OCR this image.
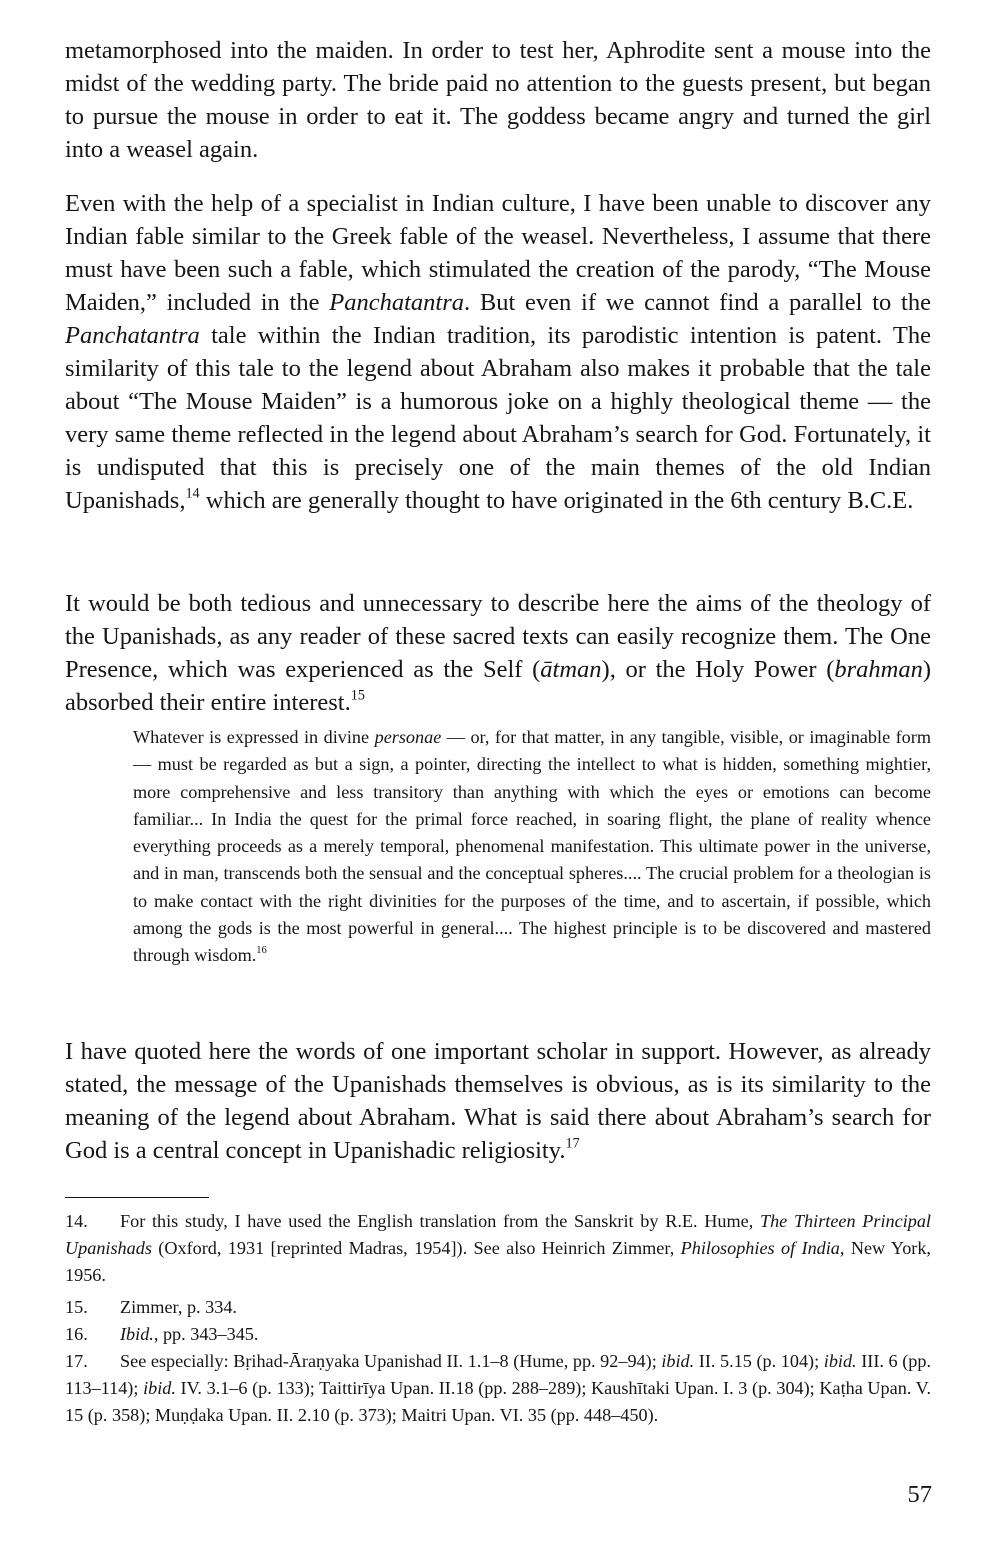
metamorphosed into the maiden. In order to test her, Aphrodite sent a mouse into the midst of the wedding party. The bride paid no attention to the guests present, but began to pursue the mouse in order to eat it. The goddess became angry and turned the girl into a weasel again.

Even with the help of a specialist in Indian culture, I have been unable to discover any Indian fable similar to the Greek fable of the weasel. Nevertheless, I assume that there must have been such a fable, which stimulated the creation of the parody, “The Mouse Maiden,” included in the Panchatantra. But even if we cannot find a parallel to the Panchatantra tale within the Indian tradition, its parodistic intention is patent. The similarity of this tale to the legend about Abraham also makes it probable that the tale about “The Mouse Maiden” is a humorous joke on a highly theological theme — the very same theme reflected in the legend about Abraham’s search for God. Fortunately, it is undisputed that this is precisely one of the main themes of the old Indian Upanishads,$^{14}$ which are generally thought to have originated in the 6th century B.C.E.

It would be both tedious and unnecessary to describe here the aims of the theology of the Upanishads, as any reader of these sacred texts can easily recognize them. The One Presence, which was experienced as the Self (ātman), or the Holy Power (brahman) absorbed their entire interest.$^{15}$

Whatever is expressed in divine personae — or, for that matter, in any tangible, visible, or imaginable form — must be regarded as but a sign, a pointer, directing the intellect to what is hidden, something mightier, more comprehensive and less transitory than anything with which the eyes or emotions can become familiar... In India the quest for the primal force reached, in soaring flight, the plane of reality whence everything proceeds as a merely temporal, phenomenal manifestation. This ultimate power in the universe, and in man, transcends both the sensual and the conceptual spheres.... The crucial problem for a theologian is to make contact with the right divinities for the purposes of the time, and to ascertain, if possible, which among the gods is the most powerful in general.... The highest principle is to be discovered and mastered through wisdom.$^{16}$

I have quoted here the words of one important scholar in support. However, as already stated, the message of the Upanishads themselves is obvious, as is its similarity to the meaning of the legend about Abraham. What is said there about Abraham’s search for God is a central concept in Upanishadic religiosity.$^{17}$

14. For this study, I have used the English translation from the Sanskrit by R.E. Hume, The Thirteen Principal Upanishads (Oxford, 1931 [reprinted Madras, 1954]). See also Heinrich Zimmer, Philosophies of India, New York, 1956.

15. Zimmer, p. 334.

16. Ibid., pp. 343–345.

17. See especially: Bṛihad-Āraṇyaka Upanishad II. 1.1–8 (Hume, pp. 92–94); ibid. II. 5.15 (p. 104); ibid. III. 6 (pp. 113–114); ibid. IV. 3.1–6 (p. 133); Taittirīya Upan. II.18 (pp. 288–289); Kaushītaki Upan. I. 3 (p. 304); Kaṭha Upan. V. 15 (p. 358); Muṇḍaka Upan. II. 2.10 (p. 373); Maitri Upan. VI. 35 (pp. 448–450).

57
